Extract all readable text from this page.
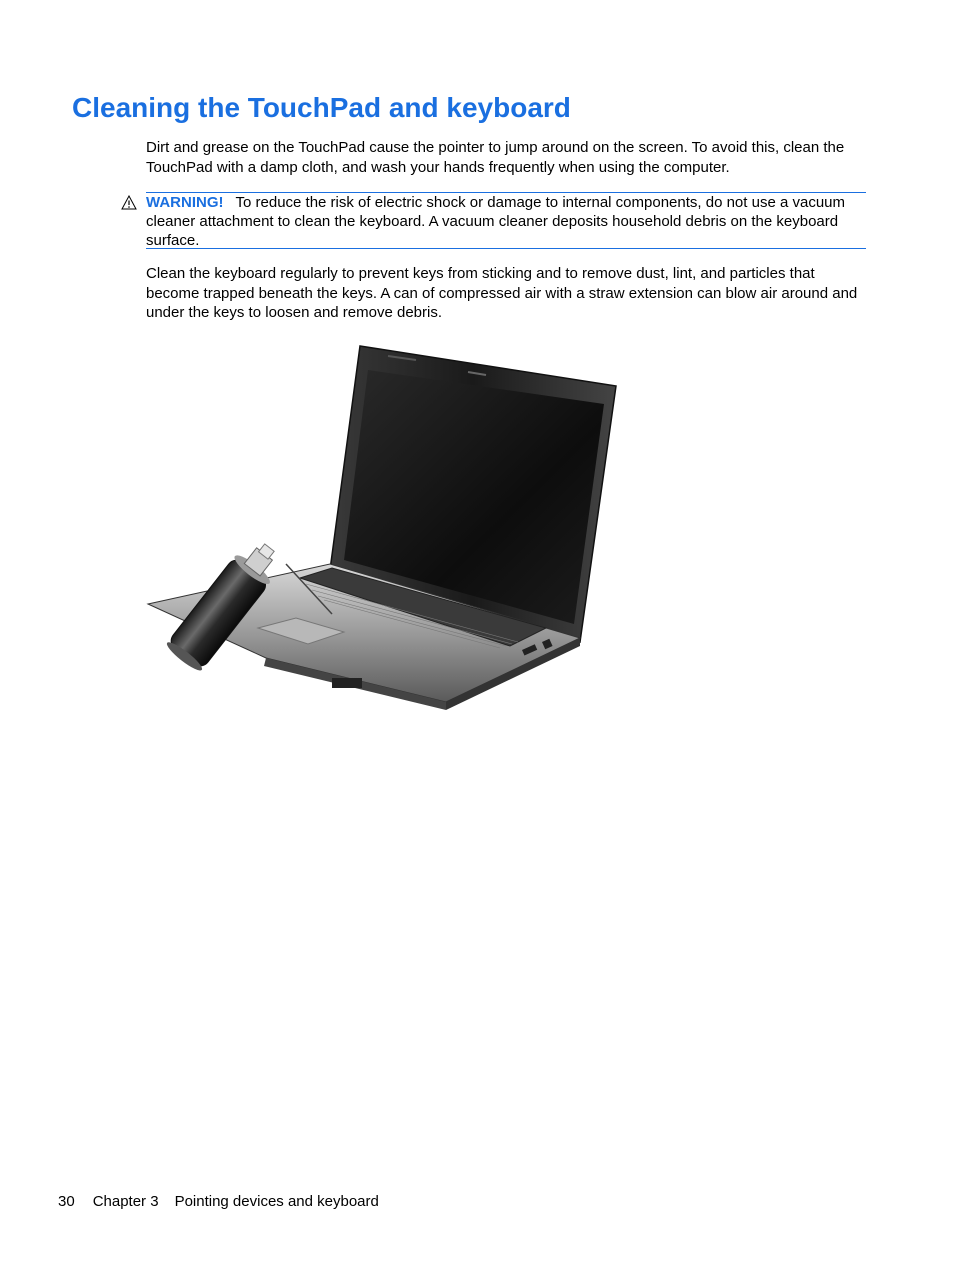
Cleaning the TouchPad and keyboard

Dirt and grease on the TouchPad cause the pointer to jump around on the screen. To avoid this, clean the TouchPad with a damp cloth, and wash your hands frequently when using the computer.

WARNING! To reduce the risk of electric shock or damage to internal components, do not use a vacuum cleaner attachment to clean the keyboard. A vacuum cleaner deposits household debris on the keyboard surface.

Clean the keyboard regularly to prevent keys from sticking and to remove dust, lint, and particles that become trapped beneath the keys. A can of compressed air with a straw extension can blow air around and under the keys to loosen and remove debris.

30 Chapter 3 Pointing devices and keyboard
